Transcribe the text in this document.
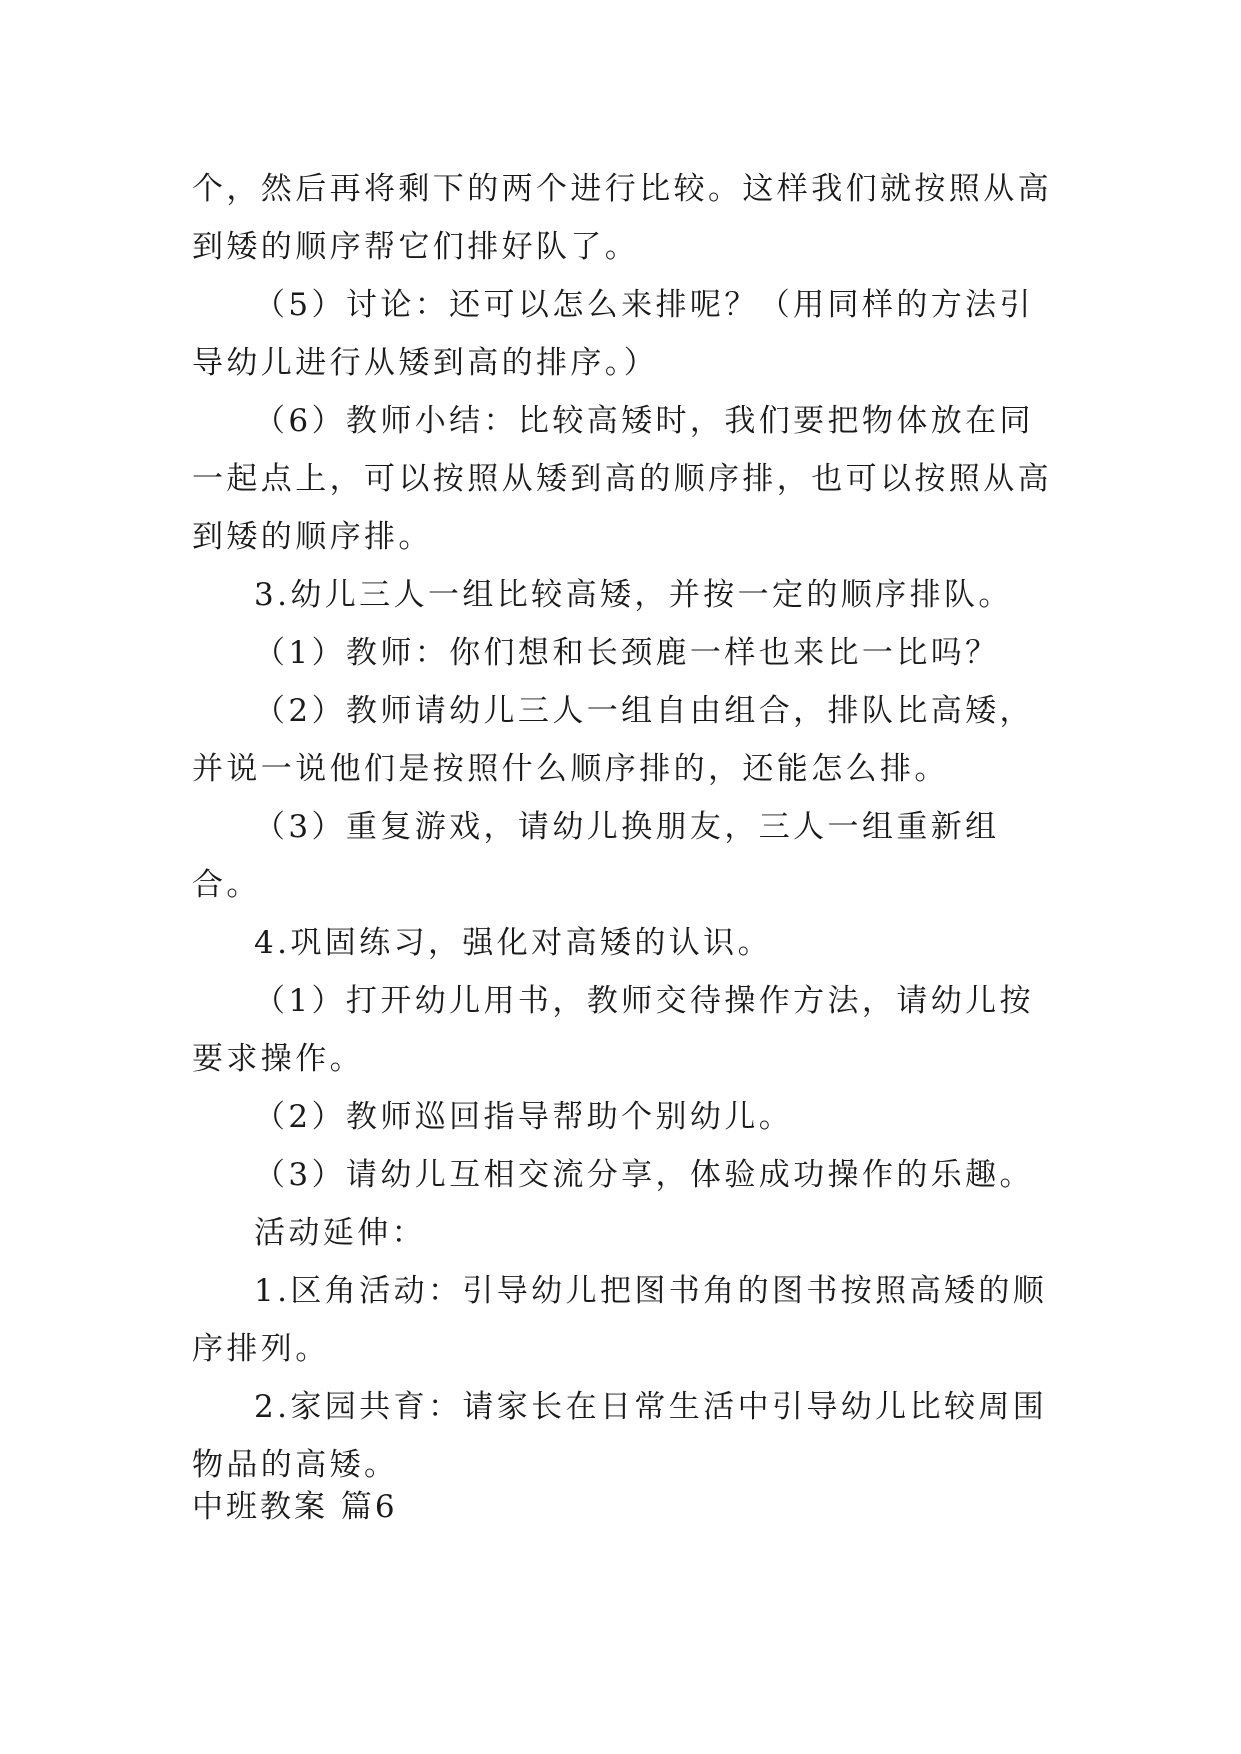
个，然后再将剩下的两个进行比较。这样我们就按照从高到矮的顺序帮它们排好队了。

（5）讨论：还可以怎么来排呢？（用同样的方法引导幼儿进行从矮到高的排序。）

（6）教师小结：比较高矮时，我们要把物体放在同一起点上，可以按照从矮到高的顺序排，也可以按照从高到矮的顺序排。

3.幼儿三人一组比较高矮，并按一定的顺序排队。

（1）教师：你们想和长颈鹿一样也来比一比吗？

（2）教师请幼儿三人一组自由组合，排队比高矮，并说一说他们是按照什么顺序排的，还能怎么排。

（3）重复游戏，请幼儿换朋友，三人一组重新组合。

4.巩固练习，强化对高矮的认识。

（1）打开幼儿用书，教师交待操作方法，请幼儿按要求操作。

（2）教师巡回指导帮助个别幼儿。

（3）请幼儿互相交流分享，体验成功操作的乐趣。

活动延伸：

1.区角活动：引导幼儿把图书角的图书按照高矮的顺序排列。

2.家园共育：请家长在日常生活中引导幼儿比较周围物品的高矮。

中班教案 篇6
